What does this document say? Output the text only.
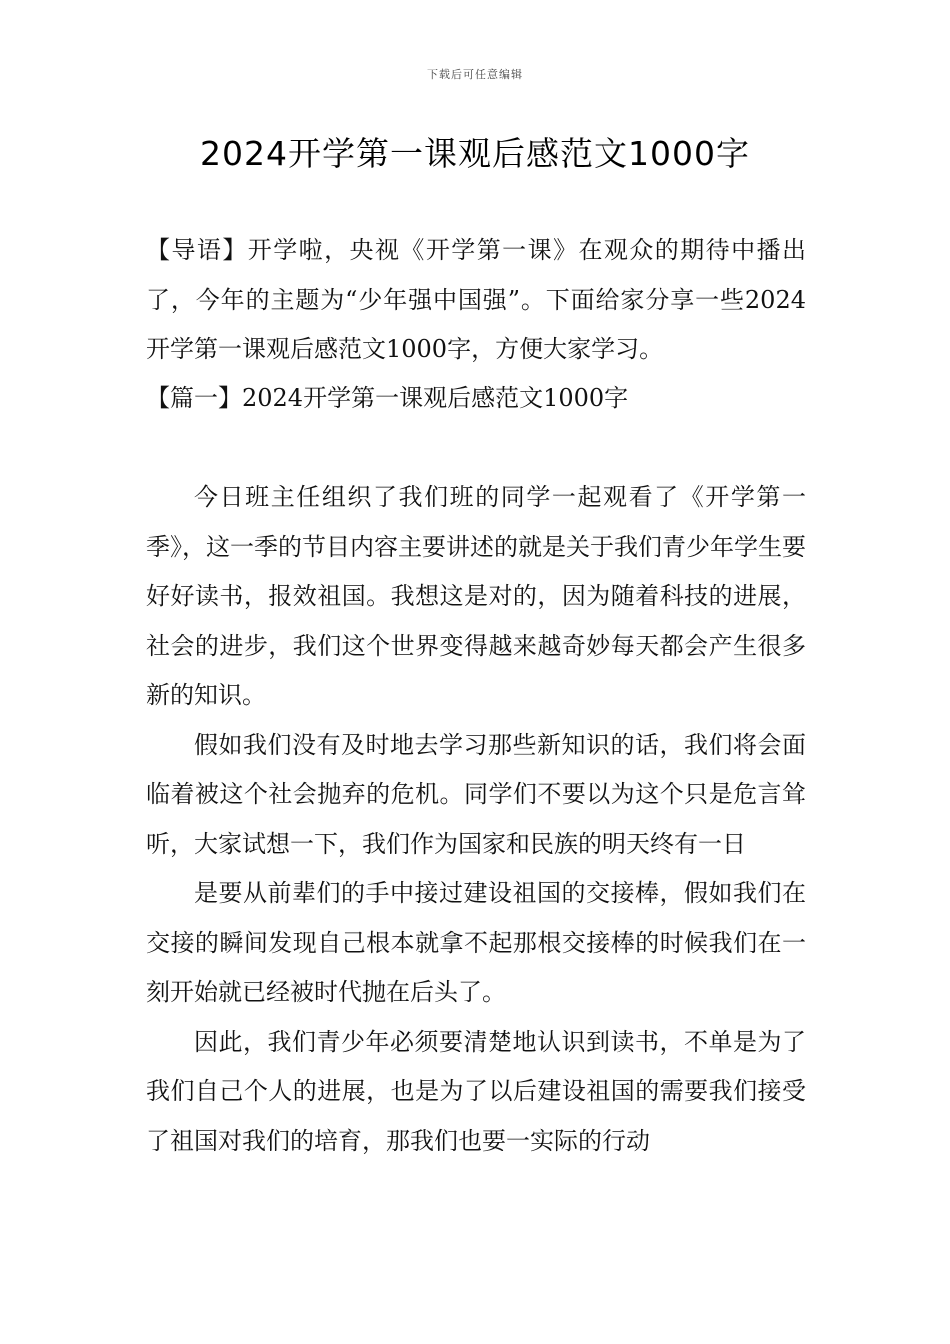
下载后可任意编辑
2024开学第一课观后感范文1000字

【导语】开学啦，央视《开学第一课》在观众的期待中播出了，今年的主题为“少年强中国强”。下面给家分享一些2024开学第一课观后感范文1000字，方便大家学习。

【篇一】2024开学第一课观后感范文1000字

今日班主任组织了我们班的同学一起观看了《开学第一季》，这一季的节目内容主要讲述的就是关于我们青少年学生要好好读书，报效祖国。我想这是对的，因为随着科技的进展，社会的进步，我们这个世界变得越来越奇妙每天都会产生很多新的知识。

假如我们没有及时地去学习那些新知识的话，我们将会面临着被这个社会抛弃的危机。同学们不要以为这个只是危言耸听，大家试想一下，我们作为国家和民族的明天终有一日

是要从前辈们的手中接过建设祖国的交接棒，假如我们在交接的瞬间发现自己根本就拿不起那根交接棒的时候我们在一刻开始就已经被时代抛在后头了。

因此，我们青少年必须要清楚地认识到读书，不单是为了我们自己个人的进展，也是为了以后建设祖国的需要我们接受了祖国对我们的培育，那我们也要一实际的行动
